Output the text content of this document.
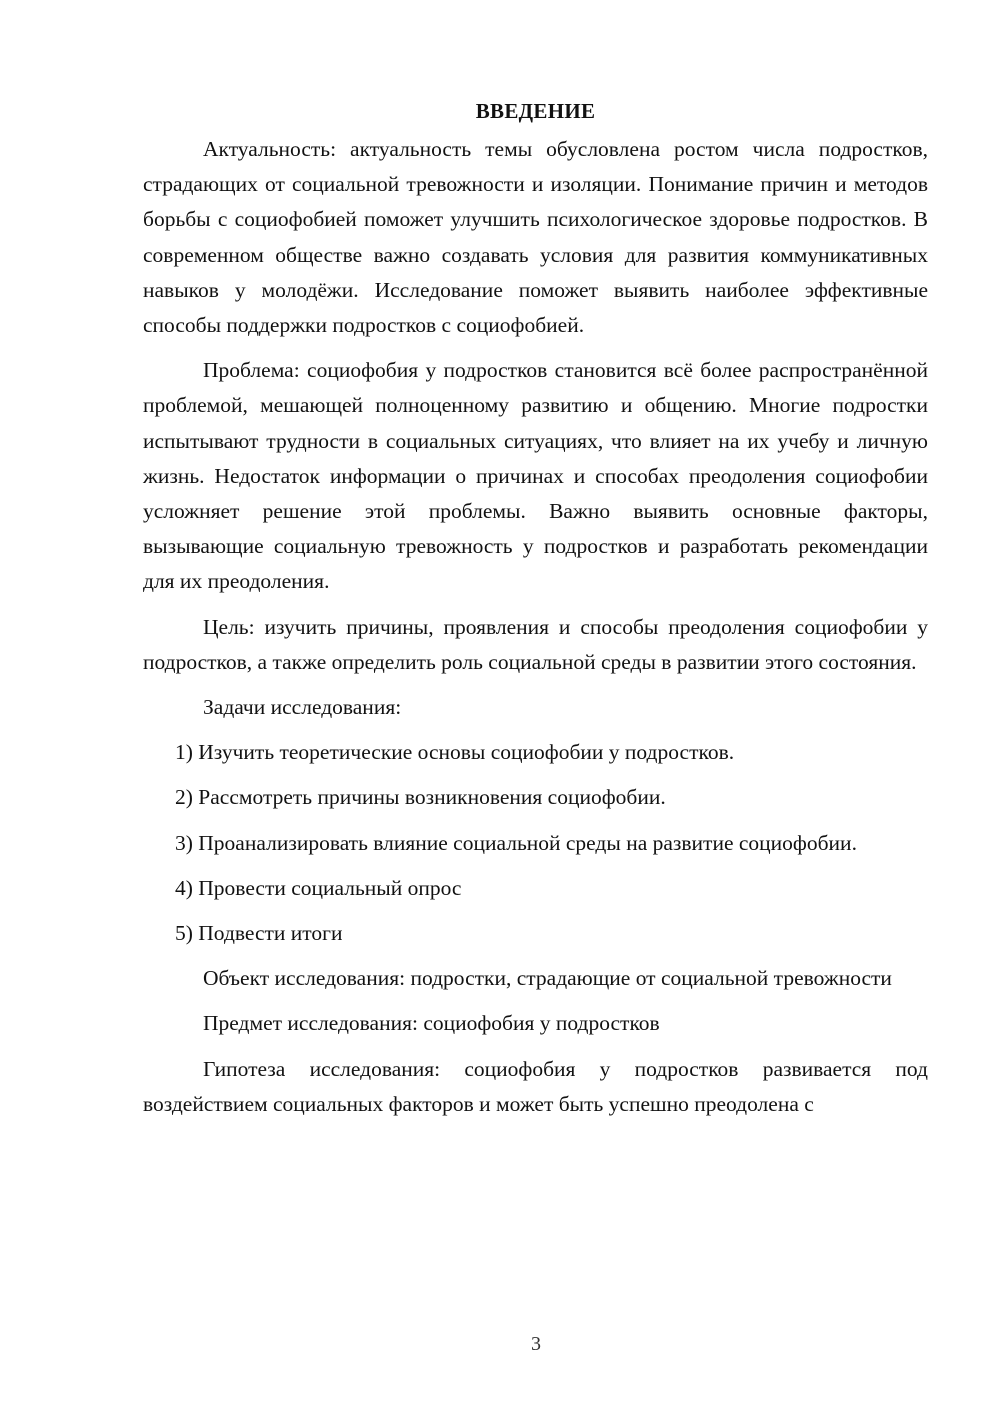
ВВЕДЕНИЕ

Актуальность: актуальность темы обусловлена ростом числа подростков, страдающих от социальной тревожности и изоляции. Понимание причин и методов борьбы с социофобией поможет улучшить психологическое здоровье подростков. В современном обществе важно создавать условия для развития коммуникативных навыков у молодёжи. Исследование поможет выявить наиболее эффективные способы поддержки подростков с социофобией.

Проблема: социофобия у подростков становится всё более распространённой проблемой, мешающей полноценному развитию и общению. Многие подростки испытывают трудности в социальных ситуациях, что влияет на их учебу и личную жизнь. Недостаток информации о причинах и способах преодоления социофобии усложняет решение этой проблемы. Важно выявить основные факторы, вызывающие социальную тревожность у подростков и разработать рекомендации для их преодоления.

Цель: изучить причины, проявления и способы преодоления социофобии у подростков, а также определить роль социальной среды в развитии этого состояния.

Задачи исследования:

1) Изучить теоретические основы социофобии у подростков.

2) Рассмотреть причины возникновения социофобии.

3) Проанализировать влияние социальной среды на развитие социофобии.

4) Провести социальный опрос

5) Подвести итоги

Объект исследования: подростки, страдающие от социальной тревожности

Предмет исследования: социофобия у подростков

Гипотеза исследования: социофобия у подростков развивается под воздействием социальных факторов и может быть успешно преодолена с

3
